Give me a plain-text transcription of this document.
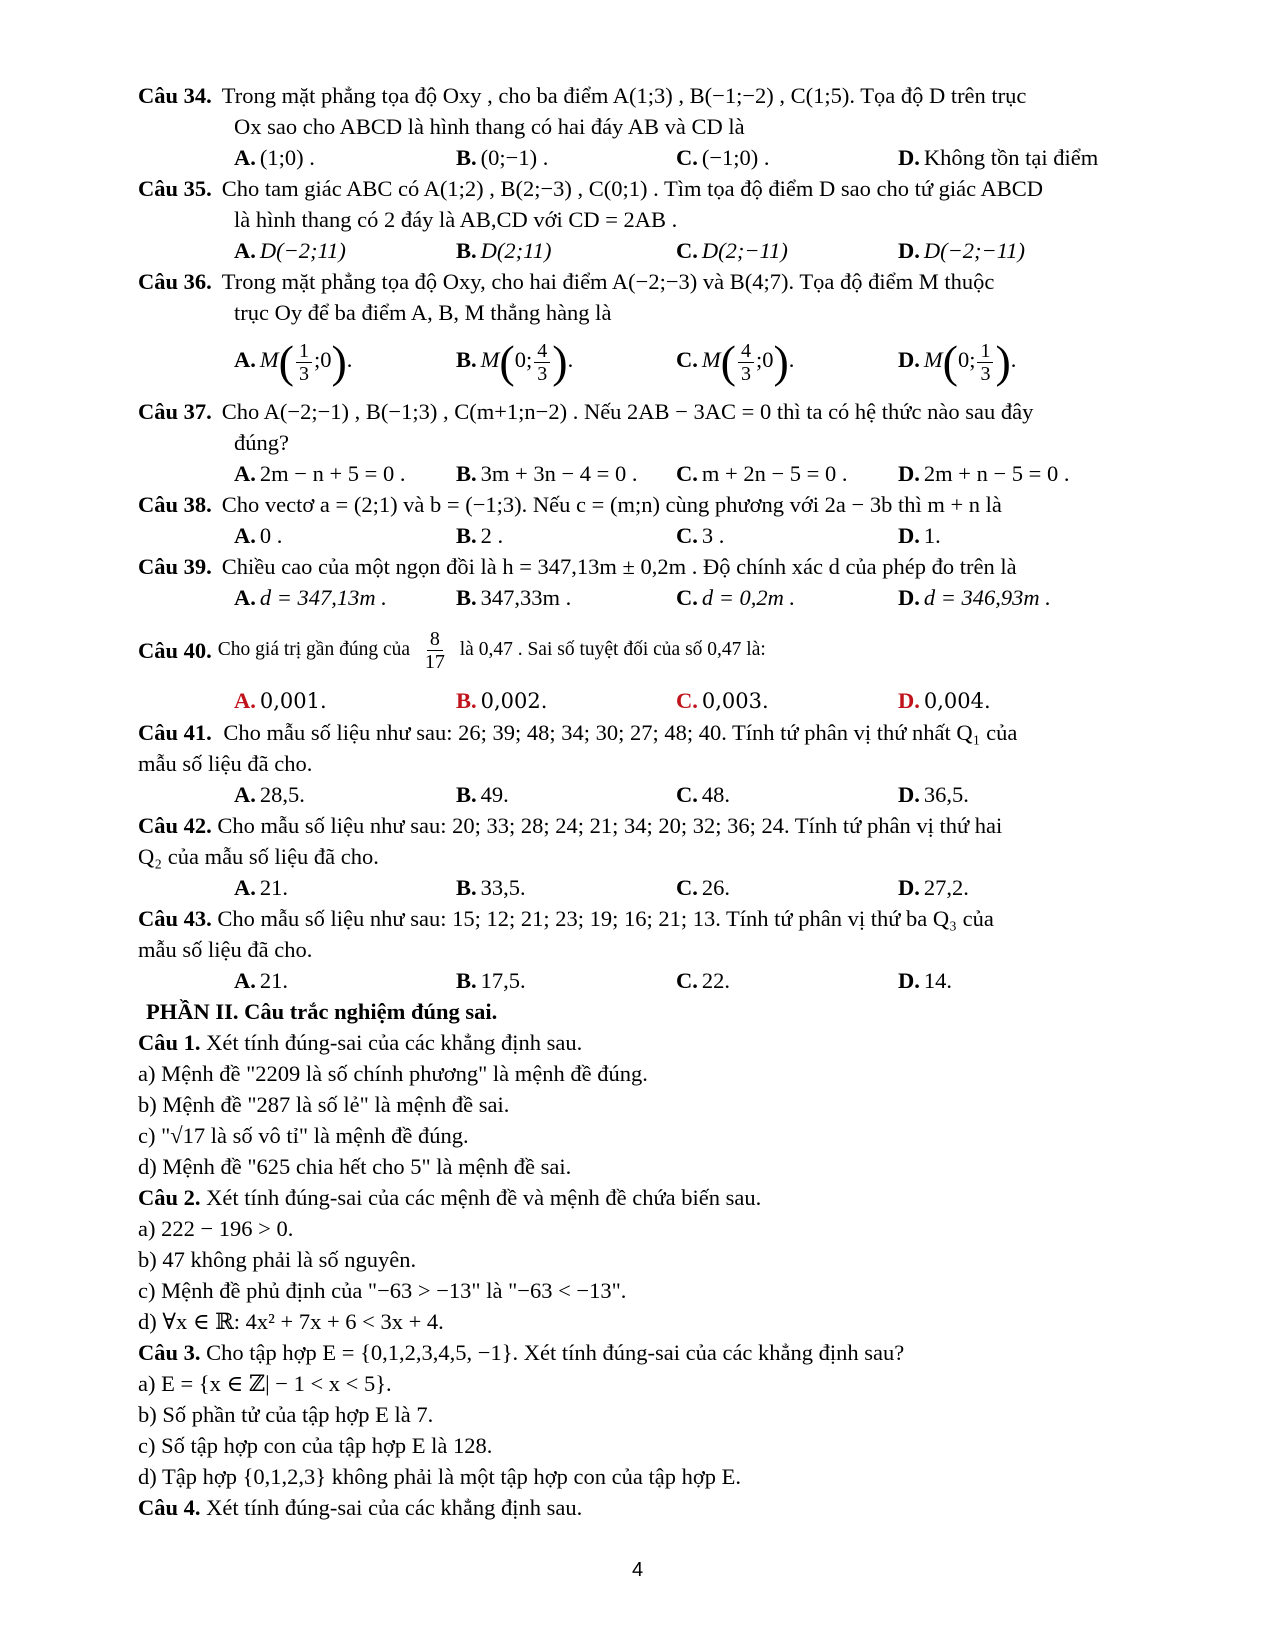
Câu 34. Trong mặt phẳng tọa độ Oxy , cho ba điểm A(1;3) , B(−1;−2) , C(1;5). Tọa độ D trên trục
Ox sao cho ABCD là hình thang có hai đáy AB và CD là
A. (1;0) .	B. (0;−1) .	C. (−1;0) .	D. Không tồn tại điểm
Câu 35. Cho tam giác ABC có A(1;2) , B(2;−3) , C(0;1) . Tìm tọa độ điểm D sao cho tứ giác ABCD
là hình thang có 2 đáy là AB,CD với CD = 2AB .
A. D(−2;11)	B. D(2;11)	C. D(2;−11)	D. D(−2;−11)
Câu 36. Trong mặt phẳng tọa độ Oxy, cho hai điểm A(−2;−3) và B(4;7). Tọa độ điểm M thuộc
trục Oy để ba điểm A, B, M thẳng hàng là
A. $M( \frac{1}{3}$ ;0).	B. M(0; $\frac{4}{3}$ ).	C. $M( \frac{4}{3}$ ;0).	D. M(0; $\frac{1}{3}$ ).
Câu 37. Cho A(−2;−1) , B(−1;3) , C(m+1;n−2) . Nếu 2AB − 3AC = 0 thì ta có hệ thức nào sau đây
đúng?
A. 2m − n + 5 = 0 .	B. 3m + 3n − 4 = 0 .	C. m + 2n − 5 = 0 .	D. 2m + n − 5 = 0 .
Câu 38. Cho vectơ a = (2;1) và b = (−1;3). Nếu c = (m;n) cùng phương với 2a − 3b thì m + n là
A. 0 .	B. 2 .	C. 3 .	D. 1.
Câu 39. Chiều cao của một ngọn đồi là h = 347,13m ± 0,2m . Độ chính xác d của phép đo trên là
A. d = 347,13m .	B. 347,33m .	C. d = 0,2m .	D. d = 346,93m .
Câu 40. Cho giá trị gần đúng của $\frac{8}{17}$ là 0,47 . Sai số tuyệt đối của số 0,47 là:
A. 0,001.	B. 0,002.	C. 0,003.	D. 0,004.
Câu 41. Cho mẫu số liệu như sau: 26; 39; 48; 34; 30; 27; 48; 40. Tính tứ phân vị thứ nhất Q₁ của
mẫu số liệu đã cho.
A. 28,5.	B. 49.	C. 48.	D. 36,5.
Câu 42. Cho mẫu số liệu như sau: 20; 33; 28; 24; 21; 34; 20; 32; 36; 24. Tính tứ phân vị thứ hai
Q₂ của mẫu số liệu đã cho.
A. 21.	B. 33,5.	C. 26.	D. 27,2.
Câu 43. Cho mẫu số liệu như sau: 15; 12; 21; 23; 19; 16; 21; 13. Tính tứ phân vị thứ ba Q₃ của
mẫu số liệu đã cho.
A. 21.	B. 17,5.	C. 22.	D. 14.
PHẦN II. Câu trắc nghiệm đúng sai.
Câu 1. Xét tính đúng-sai của các khẳng định sau.
a) Mệnh đề "2209 là số chính phương" là mệnh đề đúng.
b) Mệnh đề "287 là số lẻ" là mệnh đề sai.
c) "√17 là số vô tỉ" là mệnh đề đúng.
d) Mệnh đề "625 chia hết cho 5" là mệnh đề sai.
Câu 2. Xét tính đúng-sai của các mệnh đề và mệnh đề chứa biến sau.
a) 222 − 196 > 0.
b) 47 không phải là số nguyên.
c) Mệnh đề phủ định của "−63 > −13" là "−63 < −13".
d) ∀x ∈ ℝ: 4x² + 7x + 6 < 3x + 4.
Câu 3. Cho tập hợp E = {0,1,2,3,4,5, −1}. Xét tính đúng-sai của các khẳng định sau?
a) E = {x ∈ ℤ| − 1 < x < 5}.
b) Số phần tử của tập hợp E là 7.
c) Số tập hợp con của tập hợp E là 128.
d) Tập hợp {0,1,2,3} không phải là một tập hợp con của tập hợp E.
Câu 4. Xét tính đúng-sai của các khẳng định sau.
4
